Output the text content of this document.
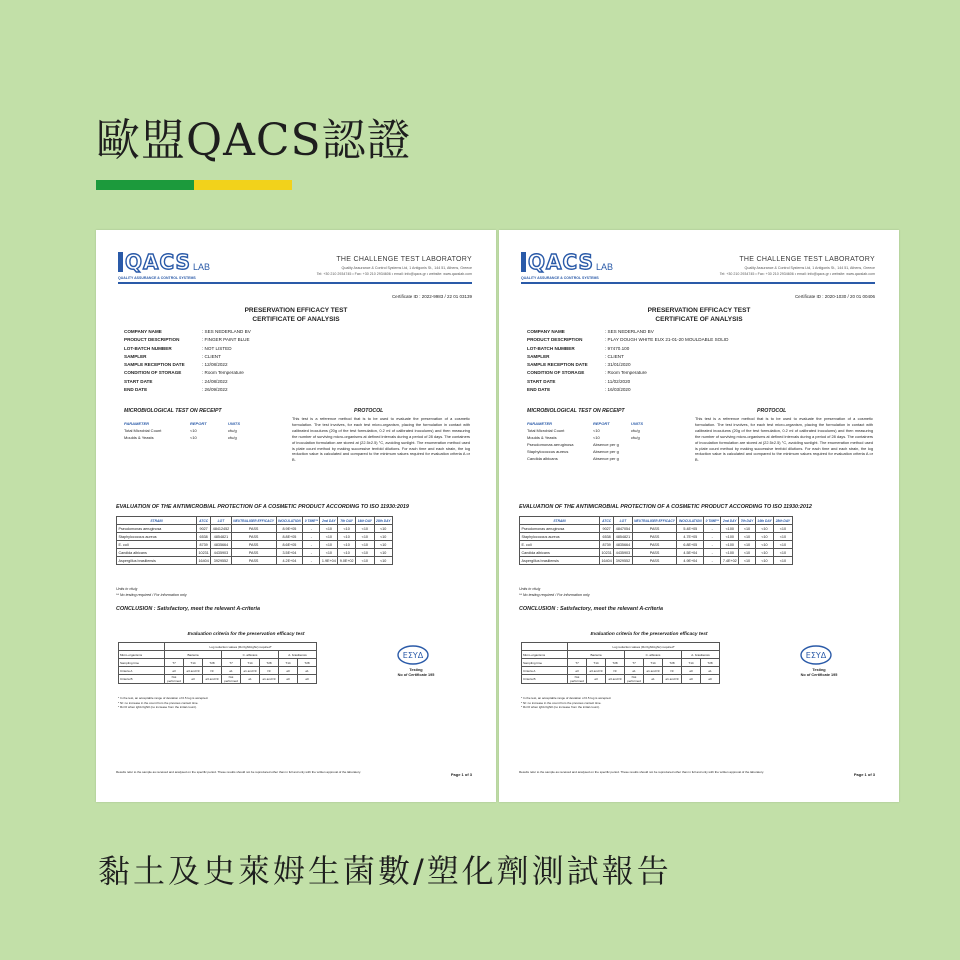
歐盟QACS認證
QACS LAB
QUALITY ASSURANCE & CONTROL SYSTEMS
THE CHALLENGE TEST LABORATORY
Quality Assurance & Control Systems Ltd, 1 Antigonis St., 144 51, Athens, Greece
Tel: +30 210 2934745 • Fax: +30 210 2934606 • email: info@qacs.gr • website: www.qacslab.com
Certificate ID : 2022-9983 / 22 01 03139
PRESERVATION EFFICACY TEST
CERTIFICATE OF ANALYSIS
COMPANY NAME	: SES NEDERLAND BV
PRODUCT DESCRIPTION	: FINGER PAINT BLUE
LOT-BATCH NUMBER	: NOT LISTED
SAMPLER	: CLIENT
SAMPLE RECEPTION DATE	: 12/08/2022
CONDITION OF STORAGE	: Room Temperature
START DATE	: 24/08/2022
END DATE	: 26/09/2022
MICROBIOLOGICAL TEST ON RECEIPT
PARAMETER	REPORT	UNITS
Total Microbial Count	<10	cfu/g
Moulds & Yeasts	<10	cfu/g
PROTOCOL
This test is a reference method that is to be used to evaluate the preservation of a cosmetic formulation. The test involves, for each test micro-organism, placing the formulation in contact with calibrated inoculums (20g of the test formulation, 0.2 ml of calibrated inoculums) and then measuring the number of surviving micro-organisms at defined intervals during a period of 28 days. The containers of inoculation formulation are stored at (22.5±2.5) °C, avoiding sunlight. The enumeration method used is plate count method by making successive tenfold dilutions. For each time and each strain, the log reduction value is calculated and compared to the minimum values required for evaluation criteria A or B.
EVALUATION OF THE ANTIMICROBIAL PROTECTION OF A COSMETIC PRODUCT ACCORDING TO ISO 11930:2019
STRAIN	ATCC	LOT	NEUTRALISER EFFICACY	INOCULATION	0 TIME**	2nd DAY	7th DAY	14th DAY	28th DAY
Pseudomonas aeruginosa	9027	48412452	PASS	8.9E+05	-	<10	<10	<10	<10
Staphylococcus aureus	6538	4854821	PASS	8.8E+05	-	<10	<10	<10	<10
E. coli	8739	4835664	PASS	8.6E+05	-	<10	<10	<10	<10
Candida albicans	10231	4435903	PASS	3.5E+04	-	<10	<10	<10	<10
Aspergillus brasiliensis	16404	3929552	PASS	4.2E+04	-	1.9E+04	9.0E+02	<10	<10
Units in cfu/g
** No testing required / For information only
CONCLUSION : Satisfactory, meet the relevant A-criteria
Evaluation criteria for the preservation efficacy test
	Log reduction values (Rx=lgN0-lgNx) required*							
Micro-organisms	Bacteria			C. albicans			A. brasiliensis	
Sampling time	T7	T14	T28	T7	T14	T28	T14	T28
Criteria A	≥3	≥3 and NI	NI	≥1	≥1 and NI	NI	≥0	≥1
Criteria B	Not performed	≥3	≥3 and NI	Not performed	≥1	≥1 and NI	≥0	≥0
* In the test, an acceptable range of deviation of 0.5 log is accepted.
* NI: no increase in the count from the previous contact time.
* Rx=0 when lgNx=lgN0 (no increase from the initial count).
ΕΣΥΔ
Testing
No of Certificate 195
Results refer to the sample as received and analysed on the specific period. These results should not be reproduced other than in full and only with the written approval of the laboratory.	Page 1 of 3
QACS LAB
QUALITY ASSURANCE & CONTROL SYSTEMS
THE CHALLENGE TEST LABORATORY
Quality Assurance & Control Systems Ltd, 1 Antigonis St., 144 51, Athens, Greece
Tel: +30 210 2934745 • Fax: +30 210 2934606 • email: info@qacs.gr • website: www.qacslab.com
Certificate ID : 2020-1030 / 20 01 00406
PRESERVATION EFFICACY TEST
CERTIFICATE OF ANALYSIS
COMPANY NAME	: SES NEDERLAND BV
PRODUCT DESCRIPTION	: PLAY DOUGH WHITE EUX 21-01-20 MOULDABLE SOLID
LOT-BATCH NUMBER	: 97470.100
SAMPLER	: CLIENT
SAMPLE RECEPTION DATE	: 31/01/2020
CONDITION OF STORAGE	: Room Temperature
START DATE	: 11/02/2020
END DATE	: 16/03/2020
MICROBIOLOGICAL TEST ON RECEIPT
PARAMETER	REPORT	UNITS
Total Microbial Count	<10	cfu/g
Moulds & Yeasts	<10	cfu/g
Pseudomonas aeruginosa	Absence per g
Staphylococcus aureus	Absence per g
Candida albicans	Absence per g
PROTOCOL
This test is a reference method that is to be used to evaluate the preservation of a cosmetic formulation. The test involves, for each test micro-organism, placing the formulation in contact with calibrated inoculums (20g of the test formulation, 0.2 ml of calibrated inoculums) and then measuring the number of surviving micro-organisms at defined intervals during a period of 28 days. The containers of inoculation formulation are stored at (22.5±2.5) °C, avoiding sunlight. The enumeration method used is plate count method by making successive tenfold dilutions. For each time and each strain, the log reduction value is calculated and compared to the minimum values required for evaluation criteria A or B.
EVALUATION OF THE ANTIMICROBIAL PROTECTION OF A COSMETIC PRODUCT ACCORDING TO ISO 11930:2012
STRAIN	ATCC	LOT	NEUTRALISER EFFICACY	INOCULATION	0 TIME**	2nd DAY	7th DAY	14th DAY	28th DAY
Pseudomonas aeruginosa	9027	4847054	PASS	5.4E+05	-	<100	<10	<10	<10
Staphylococcus aureus	6538	4854821	PASS	4.7E+05	-	<100	<10	<10	<10
E. coli	8739	4835664	PASS	6.8E+05	-	<100	<10	<10	<10
Candida albicans	10231	4435903	PASS	4.5E+04	-	<100	<10	<10	<10
Aspergillus brasiliensis	16404	3929552	PASS	4.9E+04	-	7.4E+02	<10	<10	<10
Units in cfu/g
** No testing required / For information only
CONCLUSION : Satisfactory, meet the relevant A-criteria
Evaluation criteria for the preservation efficacy test
	Log reduction values (Rx=lgN0-lgNx) required*							
Micro-organisms	Bacteria			C. albicans			A. brasiliensis	
Sampling time	T7	T14	T28	T7	T14	T28	T14	T28
Criteria A	≥3	≥3 and NI	NI	≥1	≥1 and NI	NI	≥0	≥1
Criteria B	Not performed	≥3	≥3 and NI	Not performed	≥1	≥1 and NI	≥0	≥0
* In the test, an acceptable range of deviation of 0.5 log is accepted.
* NI: no increase in the count from the previous contact time.
* Rx=0 when lgNx=lgN0 (no increase from the initial count).
ΕΣΥΔ
Testing
No of Certificate 195
Results refer to the sample as received and analysed on the specific period. These results should not be reproduced other than in full and only with the written approval of the laboratory.	Page 1 of 3
黏土及史萊姆生菌數/塑化劑測試報告
